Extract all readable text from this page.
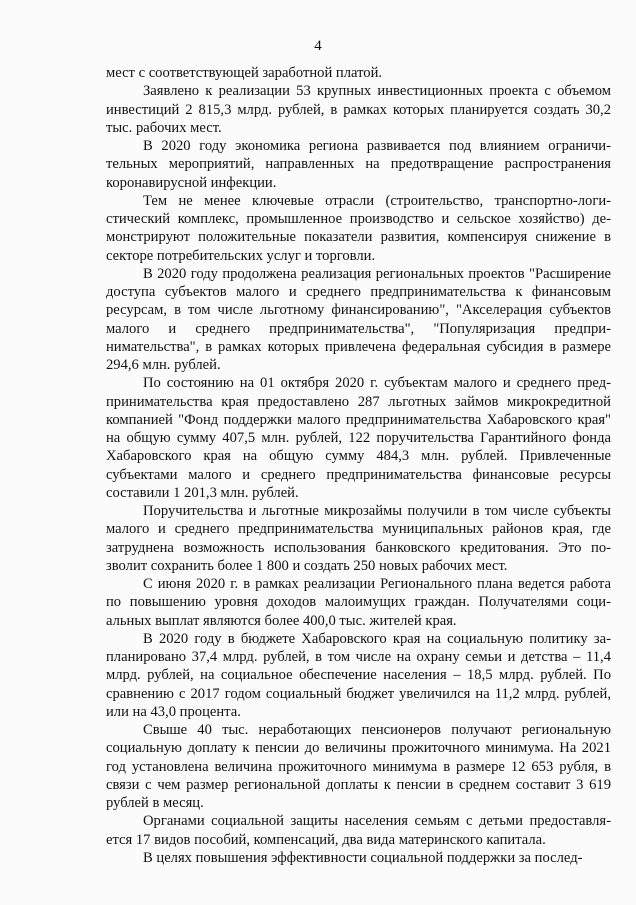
4

мест с соответствующей заработной платой.

Заявлено к реализации 53 крупных инвестиционных проекта с объемом инвестиций 2 815,3 млрд. рублей, в рамках которых планируется создать 30,2 тыс. рабочих мест.

В 2020 году экономика региона развивается под влиянием ограничительных мероприятий, направленных на предотвращение распространения коронавирусной инфекции.

Тем не менее ключевые отрасли (строительство, транспортно-логистический комплекс, промышленное производство и сельское хозяйство) демонстрируют положительные показатели развития, компенсируя снижение в секторе потребительских услуг и торговли.

В 2020 году продолжена реализация региональных проектов "Расширение доступа субъектов малого и среднего предпринимательства к финансовым ресурсам, в том числе льготному финансированию", "Акселерация субъектов малого и среднего предпринимательства", "Популяризация предпринимательства", в рамках которых привлечена федеральная субсидия в размере 294,6 млн. рублей.

По состоянию на 01 октября 2020 г. субъектам малого и среднего предпринимательства края предоставлено 287 льготных займов микрокредитной компанией "Фонд поддержки малого предпринимательства Хабаровского края" на общую сумму 407,5 млн. рублей, 122 поручительства Гарантийного фонда Хабаровского края на общую сумму 484,3 млн. рублей. Привлеченные субъектами малого и среднего предпринимательства финансовые ресурсы составили 1 201,3 млн. рублей.

Поручительства и льготные микрозаймы получили в том числе субъекты малого и среднего предпринимательства муниципальных районов края, где затруднена возможность использования банковского кредитования. Это позволит сохранить более 1 800 и создать 250 новых рабочих мест.

С июня 2020 г. в рамках реализации Регионального плана ведется работа по повышению уровня доходов малоимущих граждан. Получателями социальных выплат являются более 400,0 тыс. жителей края.

В 2020 году в бюджете Хабаровского края на социальную политику запланировано 37,4 млрд. рублей, в том числе на охрану семьи и детства – 11,4 млрд. рублей, на социальное обеспечение населения – 18,5 млрд. рублей. По сравнению с 2017 годом социальный бюджет увеличился на 11,2 млрд. рублей, или на 43,0 процента.

Свыше 40 тыс. неработающих пенсионеров получают региональную социальную доплату к пенсии до величины прожиточного минимума. На 2021 год установлена величина прожиточного минимума в размере 12 653 рубля, в связи с чем размер региональной доплаты к пенсии в среднем составит 3 619 рублей в месяц.

Органами социальной защиты населения семьям с детьми предоставляется 17 видов пособий, компенсаций, два вида материнского капитала.

В целях повышения эффективности социальной поддержки за послед-
